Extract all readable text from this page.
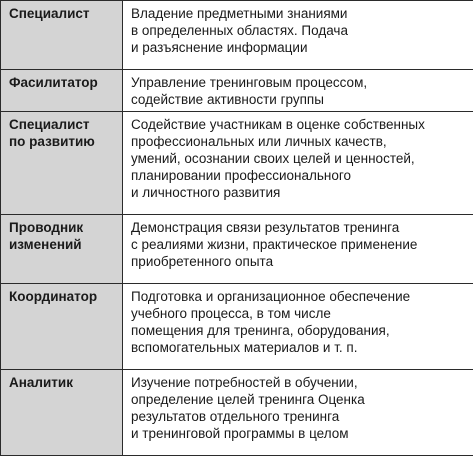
Специалист	Владение предметными знаниями
в определенных областях. Подача
и разъяснение информации

Фасилитатор	Управление тренинговым процессом,
содействие активности группы

Специалист
по развитию	Содействие участникам в оценке собственных
профессиональных или личных качеств,
умений, осознании своих целей и ценностей,
планировании профессионального
и личностного развития

Проводник
изменений	Демонстрация связи результатов тренинга
с реалиями жизни, практическое применение
приобретенного опыта

Координатор	Подготовка и организационное обеспечение
учебного процесса, в том числе
помещения для тренинга, оборудования,
вспомогательных материалов и т. п.

Аналитик	Изучение потребностей в обучении,
определение целей тренинга Оценка
результатов отдельного тренинга
и тренинговой программы в целом
